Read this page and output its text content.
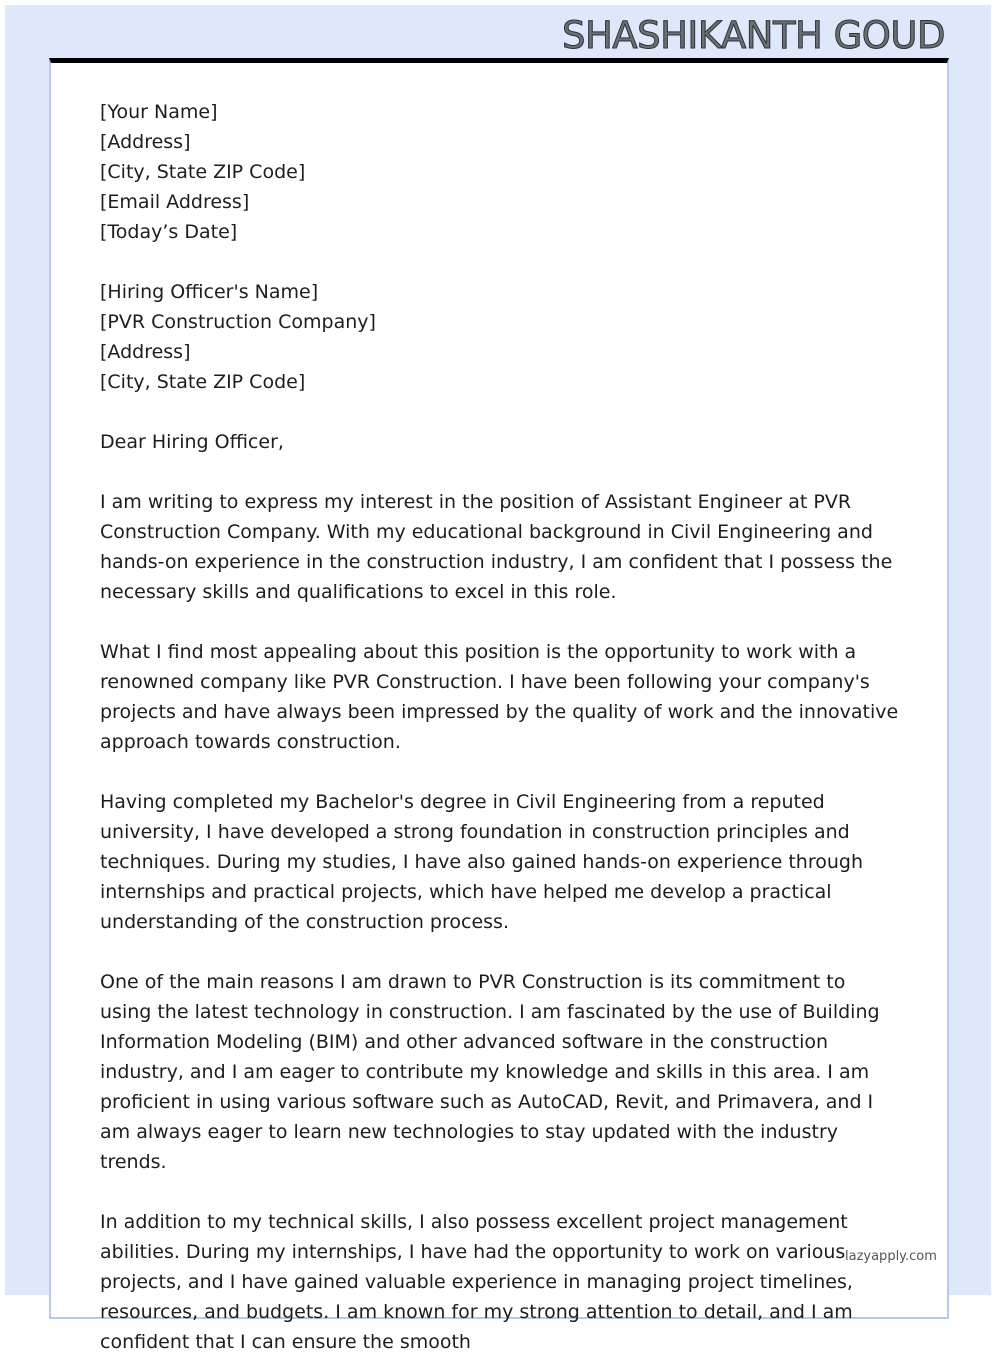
SHASHIKANTH GOUD
[Your Name]
[Address]
[City, State ZIP Code]
[Email Address]
[Today’s Date]
[Hiring Officer's Name]
[PVR Construction Company]
[Address]
[City, State ZIP Code]

Dear Hiring Officer,

I am writing to express my interest in the position of Assistant Engineer at PVR Construction Company. With my educational background in Civil Engineering and hands-on experience in the construction industry, I am confident that I possess the necessary skills and qualifications to excel in this role.

What I find most appealing about this position is the opportunity to work with a renowned company like PVR Construction. I have been following your company's projects and have always been impressed by the quality of work and the innovative approach towards construction.

Having completed my Bachelor's degree in Civil Engineering from a reputed university, I have developed a strong foundation in construction principles and techniques. During my studies, I have also gained hands-on experience through internships and practical projects, which have helped me develop a practical understanding of the construction process.

One of the main reasons I am drawn to PVR Construction is its commitment to using the latest technology in construction. I am fascinated by the use of Building Information Modeling (BIM) and other advanced software in the construction industry, and I am eager to contribute my knowledge and skills in this area. I am proficient in using various software such as AutoCAD, Revit, and Primavera, and I am always eager to learn new technologies to stay updated with the industry trends.

In addition to my technical skills, I also possess excellent project management abilities. During my internships, I have had the opportunity to work on various projects, and I have gained valuable experience in managing project timelines, resources, and budgets. I am known for my strong attention to detail, and I am confident that I can ensure the smooth

lazyapply.com
